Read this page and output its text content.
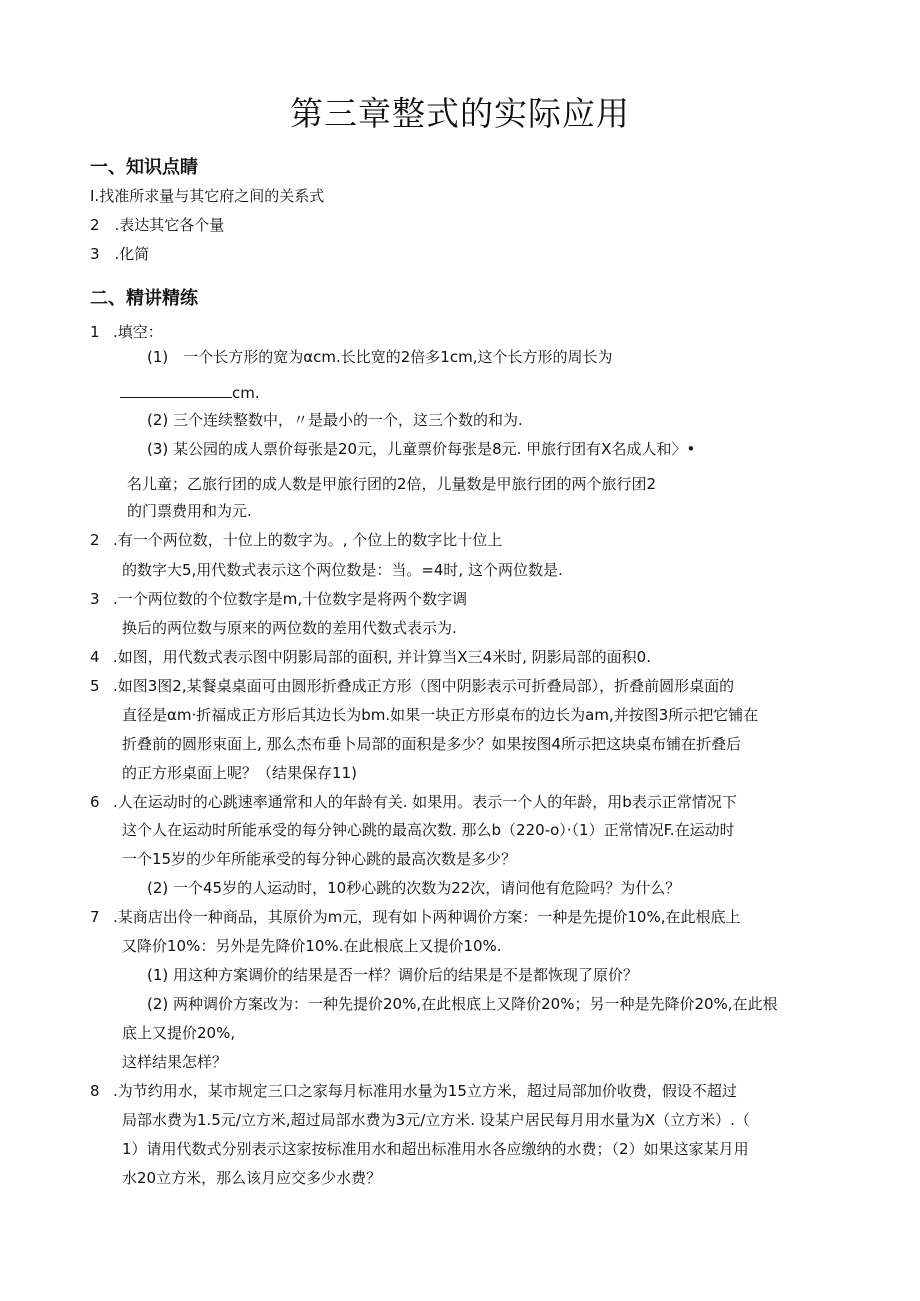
第三章整式的实际应用
一、知识点睛
I.找准所求量与其它府之间的关系式
2　.表达其它各个量
3　.化简
二、精讲精练
1 .填空：
(1)　一个长方形的宽为αcm.长比宽的2倍多1cm,这个长方形的周长为
cm.
(2) 三个连续整数中，〃是最小的一个，这三个数的和为.
(3) 某公园的成人票价每张是20元，儿童票价每张是8元. 甲旅行团有X名成人和〉•
名儿童；乙旅行团的成人数是甲旅行团的2倍，儿量数是甲旅行团的两个旅行团2
的门票费用和为元.
2 .有一个两位数，十位上的数字为。, 个位上的数字比十位上
的数字大5,用代数式表示这个两位数是：当。=4时, 这个两位数是.
3 .一个两位数的个位数字是m,十位数字是将两个数字调
换后的两位数与原来的两位数的差用代数式表示为.
4 .如图，用代数式表示图中阴影局部的面积, 并计算当X三4米时, 阴影局部的面积0.
5 .如图3图2,某餐桌桌面可由圆形折叠成正方形（图中阴影表示可折叠局部），折叠前圆形桌面的
直径是αm·折福成正方形后其边长为bm.如果一块正方形桌布的边长为am,并按图3所示把它铺在
折叠前的圆形束面上, 那么杰布垂卜局部的面积是多少？如果按图4所示把这块桌布铺在折叠后
的正方形桌面上呢？（结果保存11)
6 .人在运动时的心跳速率通常和人的年龄有关. 如果用。表示一个人的年龄，用b表示正常情况下
这个人在运动时所能承受的每分钟心跳的最高次数. 那么b（220-o）·（1）正常情况F.在运动时
一个15岁的少年所能承受的每分钟心跳的最高次数是多少？
(2) 一个45岁的人运动时，10秒心跳的次数为22次，请问他有危险吗？为什么？
7 .某商店出伶一种商品，其原价为m元，现有如卜两种调价方案：一种是先提价10%,在此根底上
又降价10%：另外是先降价10%.在此根底上又提价10%.
(1) 用这种方案调价的结果是否一样？调价后的结果是不是都恢现了原价？
(2) 两种调价方案改为：一种先提价20%,在此根底上又降价20%；另一种是先降价20%,在此根
底上又提价20%,
这样结果怎样？
8 .为节约用水，某市规定三口之家每月标准用水量为15立方米，超过局部加价收费，假设不超过
局部水费为1.5元/立方米,超过局部水费为3元/立方米. 设某户居民每月用水量为X（立方米）.（
1）请用代数式分别表示这家按标准用水和超出标准用水各应缴纳的水费；（2）如果这家某月用
水20立方米，那么该月应交多少水费？
